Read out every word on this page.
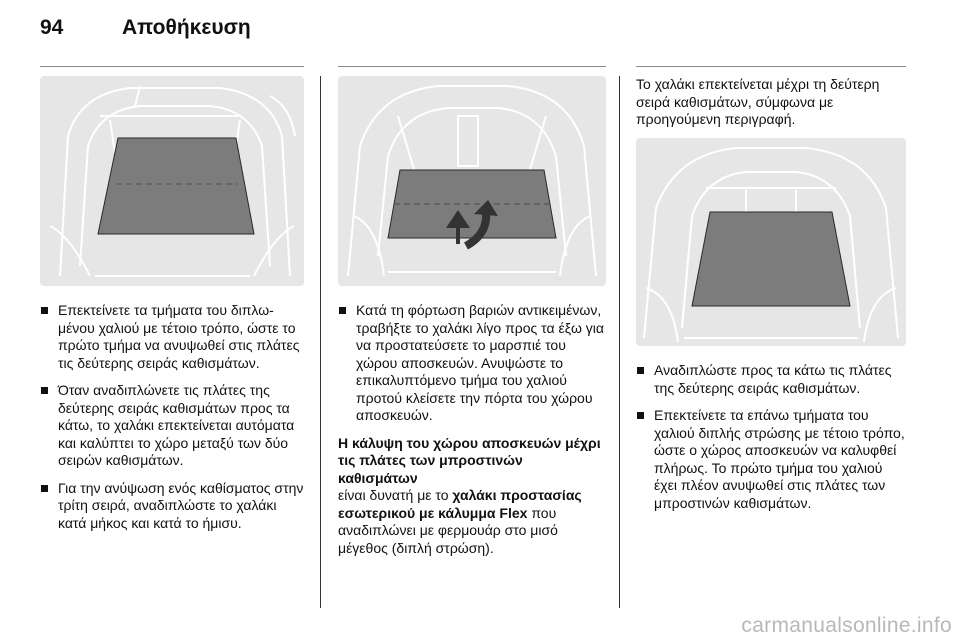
94	Αποθήκευση
Επεκτείνετε τα τμήματα του διπλωμένου χαλιού με τέτοιο τρόπο, ώστε το πρώτο τμήμα να ανυψωθεί στις πλάτες τις δεύτερης σειράς καθισμάτων.
Όταν αναδιπλώνετε τις πλάτες της δεύτερης σειράς καθισμάτων προς τα κάτω, το χαλάκι επεκτείνεται αυτόματα και καλύπτει το χώρο μεταξύ των δύο σειρών καθισμάτων.
Για την ανύψωση ενός καθίσματος στην τρίτη σειρά, αναδιπλώστε το χαλάκι κατά μήκος και κατά το ήμισυ.
Κατά τη φόρτωση βαριών αντικειμένων, τραβήξτε το χαλάκι λίγο προς τα έξω για να προστατεύσετε το μαρσπιέ του χώρου αποσκευών. Ανυψώστε το επικαλυπτόμενο τμήμα του χαλιού προτού κλείσετε την πόρτα του χώρου αποσκευών.
Η κάλυψη του χώρου αποσκευών μέχρι τις πλάτες των μπροστινών καθισμάτων
είναι δυνατή με το χαλάκι προστασίας εσωτερικού με κάλυμμα Flex που αναδιπλώνει με φερμουάρ στο μισό μέγεθος (διπλή στρώση).
Το χαλάκι επεκτείνεται μέχρι τη δεύτερη σειρά καθισμάτων, σύμφωνα με προηγούμενη περιγραφή.
Αναδιπλώστε προς τα κάτω τις πλάτες της δεύτερης σειράς καθισμάτων.
Επεκτείνετε τα επάνω τμήματα του χαλιού διπλής στρώσης με τέτοιο τρόπο, ώστε ο χώρος αποσκευών να καλυφθεί πλήρως. Το πρώτο τμήμα του χαλιού έχει πλέον ανυψωθεί στις πλάτες των μπροστινών καθισμάτων.
carmanualsonline.info
